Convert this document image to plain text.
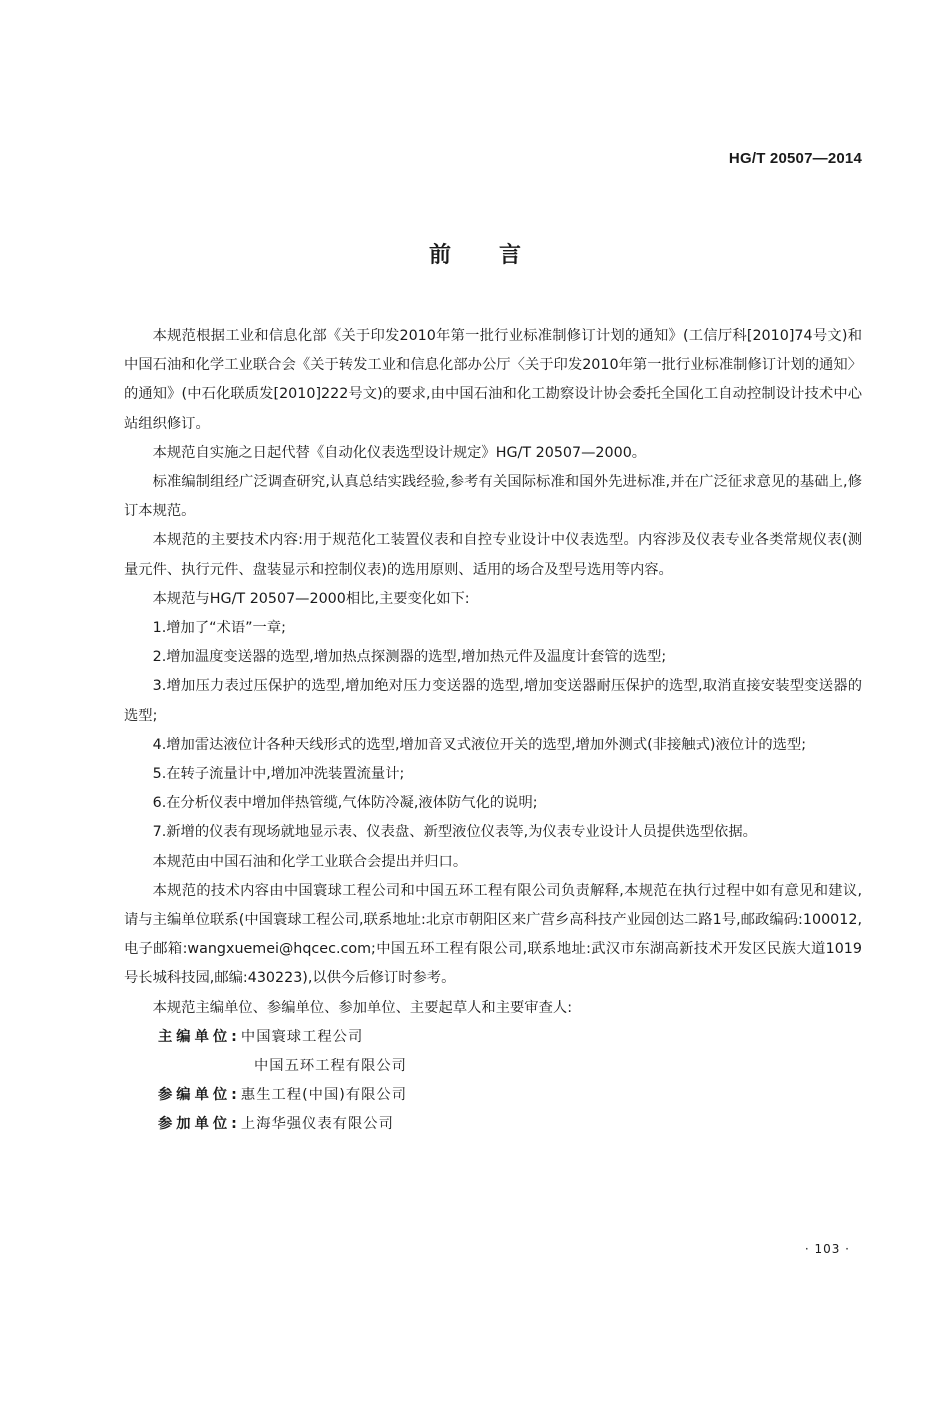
HG/T 20507—2014
前言

本规范根据工业和信息化部《关于印发2010年第一批行业标准制修订计划的通知》(工信厅科[2010]74号文)和中国石油和化学工业联合会《关于转发工业和信息化部办公厅〈关于印发2010年第一批行业标准制修订计划的通知〉的通知》(中石化联质发[2010]222号文)的要求,由中国石油和化工勘察设计协会委托全国化工自动控制设计技术中心站组织修订。

本规范自实施之日起代替《自动化仪表选型设计规定》HG/T 20507—2000。

标准编制组经广泛调查研究,认真总结实践经验,参考有关国际标准和国外先进标准,并在广泛征求意见的基础上,修订本规范。

本规范的主要技术内容:用于规范化工装置仪表和自控专业设计中仪表选型。内容涉及仪表专业各类常规仪表(测量元件、执行元件、盘装显示和控制仪表)的选用原则、适用的场合及型号选用等内容。

本规范与HG/T 20507—2000相比,主要变化如下:

1.增加了“术语”一章;

2.增加温度变送器的选型,增加热点探测器的选型,增加热元件及温度计套管的选型;

3.增加压力表过压保护的选型,增加绝对压力变送器的选型,增加变送器耐压保护的选型,取消直接安装型变送器的选型;

4.增加雷达液位计各种天线形式的选型,增加音叉式液位开关的选型,增加外测式(非接触式)液位计的选型;

5.在转子流量计中,增加冲洗装置流量计;

6.在分析仪表中增加伴热管缆,气体防冷凝,液体防气化的说明;

7.新增的仪表有现场就地显示表、仪表盘、新型液位仪表等,为仪表专业设计人员提供选型依据。

本规范由中国石油和化学工业联合会提出并归口。

本规范的技术内容由中国寰球工程公司和中国五环工程有限公司负责解释,本规范在执行过程中如有意见和建议,请与主编单位联系(中国寰球工程公司,联系地址:北京市朝阳区来广营乡高科技产业园创达二路1号,邮政编码:100012,电子邮箱:wangxuemei@hqcec.com;中国五环工程有限公司,联系地址:武汉市东湖高新技术开发区民族大道1019号长城科技园,邮编:430223),以供今后修订时参考。

本规范主编单位、参编单位、参加单位、主要起草人和主要审查人:

主编单位:中国寰球工程公司
中国五环工程有限公司
参编单位:惠生工程(中国)有限公司
参加单位:上海华强仪表有限公司
· 103 ·
